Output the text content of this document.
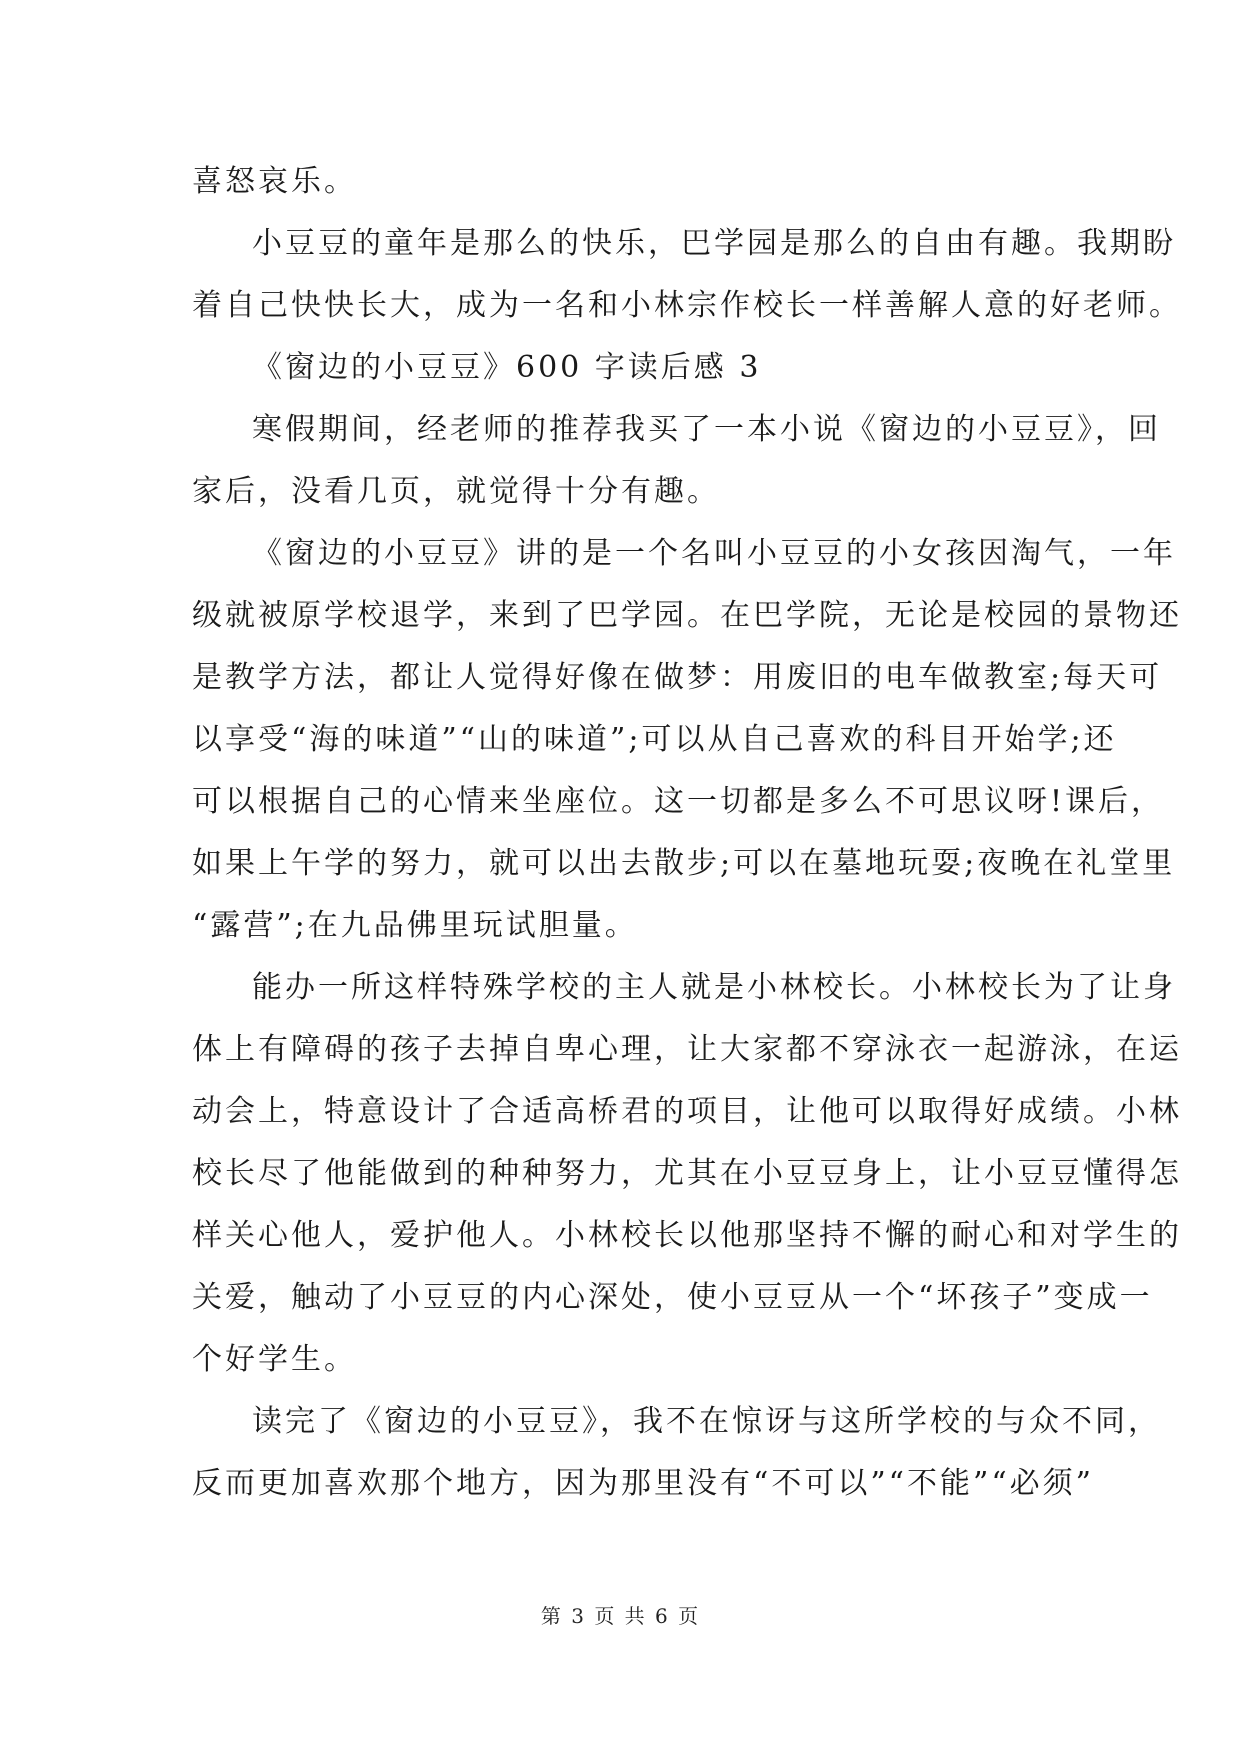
喜怒哀乐。
小豆豆的童年是那么的快乐，巴学园是那么的自由有趣。我期盼
着自己快快长大，成为一名和小林宗作校长一样善解人意的好老师。
《窗边的小豆豆》600 字读后感 3
寒假期间，经老师的推荐我买了一本小说《窗边的小豆豆》，回
家后，没看几页，就觉得十分有趣。
《窗边的小豆豆》讲的是一个名叫小豆豆的小女孩因淘气，一年
级就被原学校退学，来到了巴学园。在巴学院，无论是校园的景物还
是教学方法，都让人觉得好像在做梦：用废旧的电车做教室;每天可
以享受“海的味道”“山的味道”;可以从自己喜欢的科目开始学;还
可以根据自己的心情来坐座位。这一切都是多么不可思议呀!课后，
如果上午学的努力，就可以出去散步;可以在墓地玩耍;夜晚在礼堂里
“露营”;在九品佛里玩试胆量。
能办一所这样特殊学校的主人就是小林校长。小林校长为了让身
体上有障碍的孩子去掉自卑心理，让大家都不穿泳衣一起游泳，在运
动会上，特意设计了合适高桥君的项目，让他可以取得好成绩。小林
校长尽了他能做到的种种努力，尤其在小豆豆身上，让小豆豆懂得怎
样关心他人，爱护他人。小林校长以他那坚持不懈的耐心和对学生的
关爱，触动了小豆豆的内心深处，使小豆豆从一个“坏孩子”变成一
个好学生。
读完了《窗边的小豆豆》，我不在惊讶与这所学校的与众不同，
反而更加喜欢那个地方，因为那里没有“不可以”“不能”“必须”
第 3 页 共 6 页
